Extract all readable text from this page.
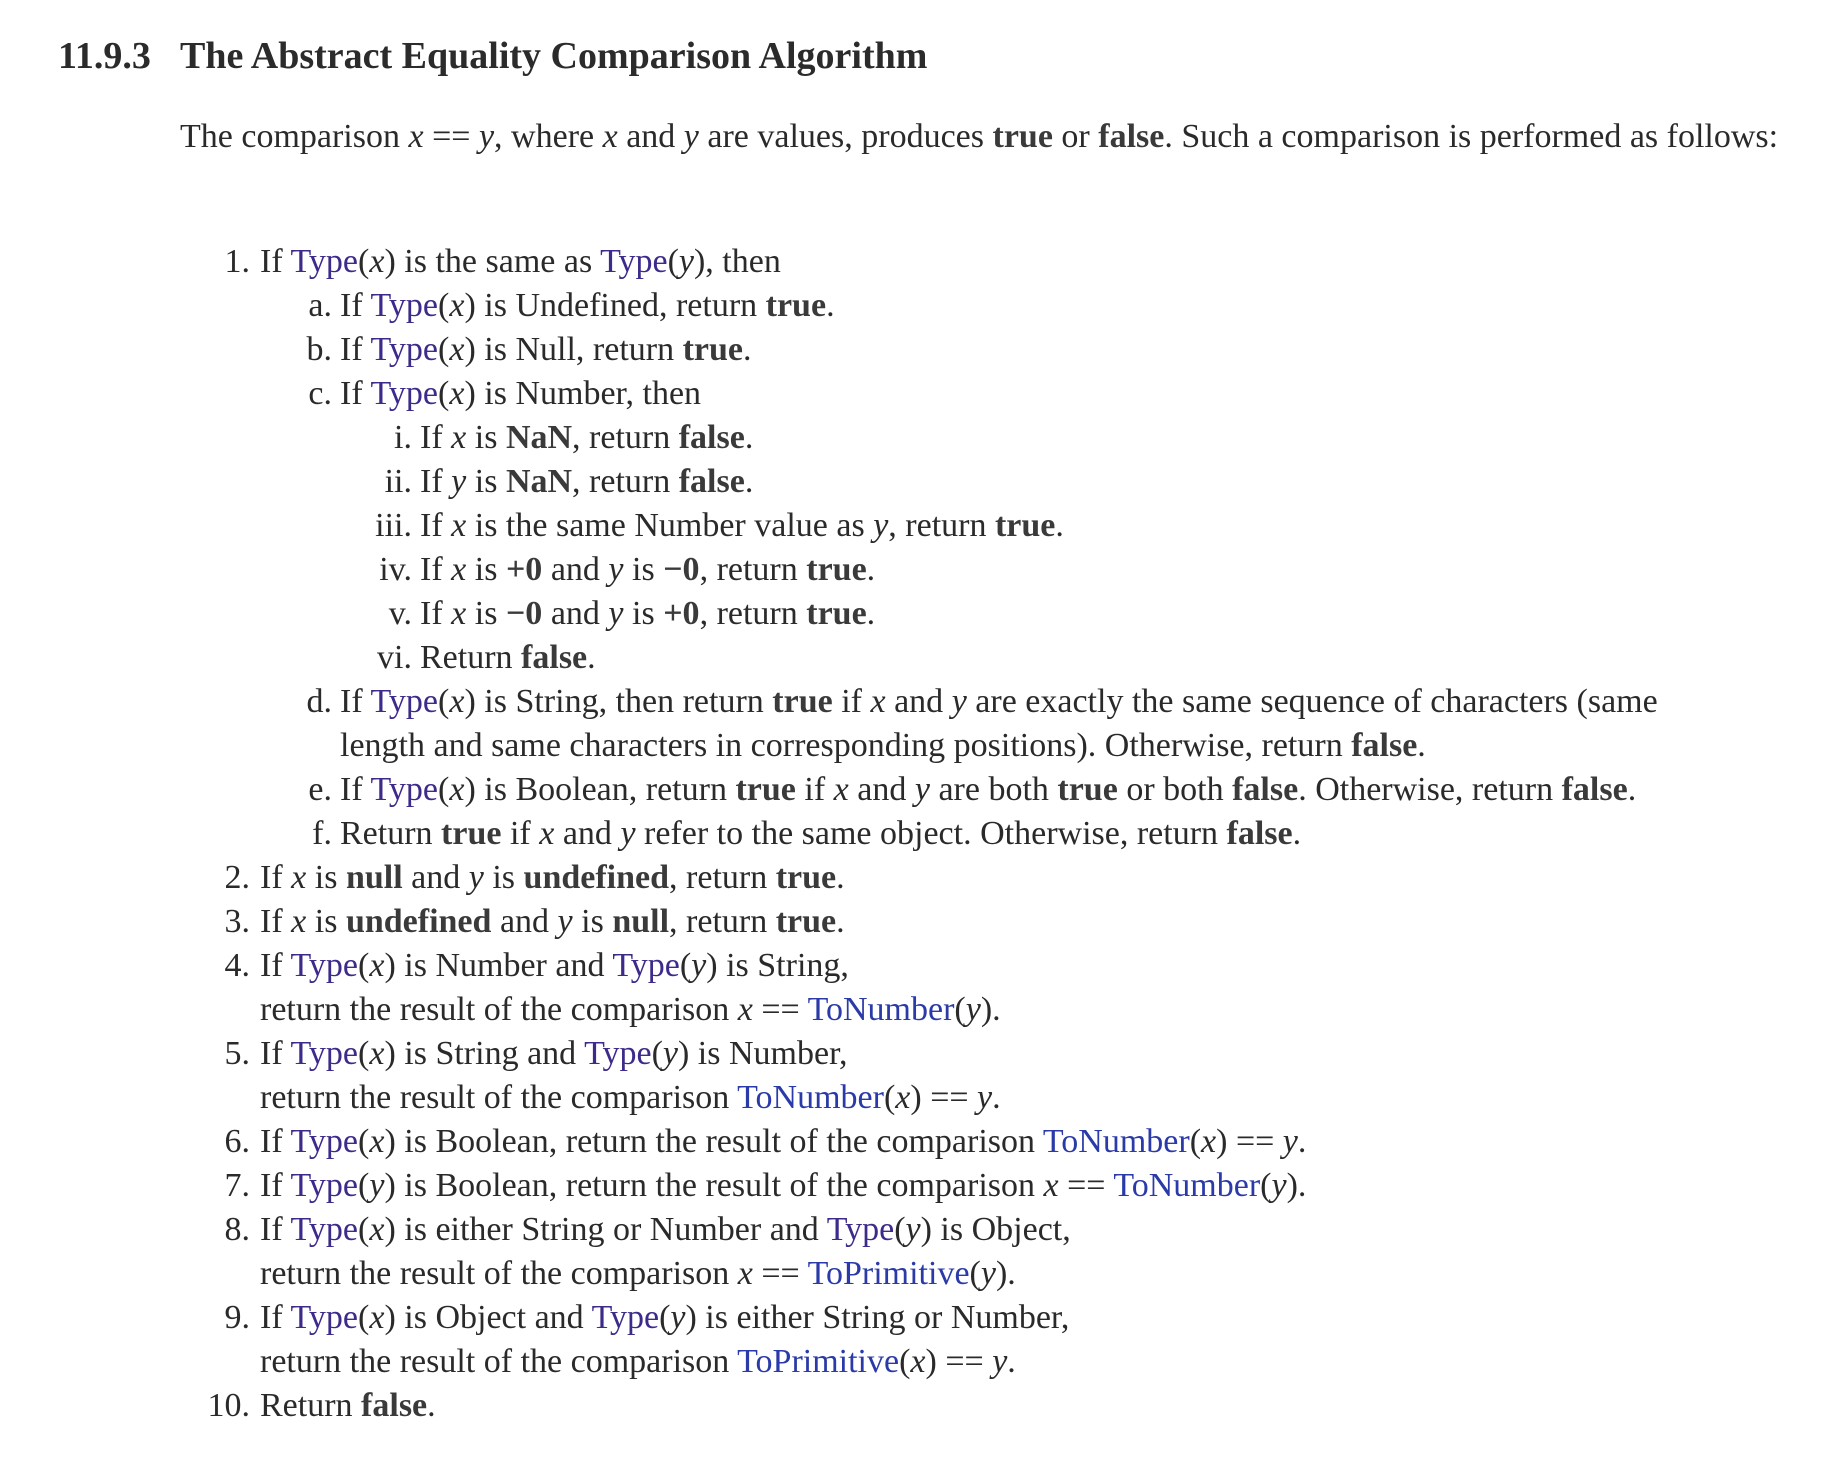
11.9.3 The Abstract Equality Comparison Algorithm
The comparison x == y, where x and y are values, produces true or false. Such a comparison is performed as follows:
1. If Type(x) is the same as Type(y), then
a. If Type(x) is Undefined, return true.
b. If Type(x) is Null, return true.
c. If Type(x) is Number, then
i. If x is NaN, return false.
ii. If y is NaN, return false.
iii. If x is the same Number value as y, return true.
iv. If x is +0 and y is −0, return true.
v. If x is −0 and y is +0, return true.
vi. Return false.
d. If Type(x) is String, then return true if x and y are exactly the same sequence of characters (same
length and same characters in corresponding positions). Otherwise, return false.
e. If Type(x) is Boolean, return true if x and y are both true or both false. Otherwise, return false.
f. Return true if x and y refer to the same object. Otherwise, return false.
2. If x is null and y is undefined, return true.
3. If x is undefined and y is null, return true.
4. If Type(x) is Number and Type(y) is String,
return the result of the comparison x == ToNumber(y).
5. If Type(x) is String and Type(y) is Number,
return the result of the comparison ToNumber(x) == y.
6. If Type(x) is Boolean, return the result of the comparison ToNumber(x) == y.
7. If Type(y) is Boolean, return the result of the comparison x == ToNumber(y).
8. If Type(x) is either String or Number and Type(y) is Object,
return the result of the comparison x == ToPrimitive(y).
9. If Type(x) is Object and Type(y) is either String or Number,
return the result of the comparison ToPrimitive(x) == y.
10. Return false.
